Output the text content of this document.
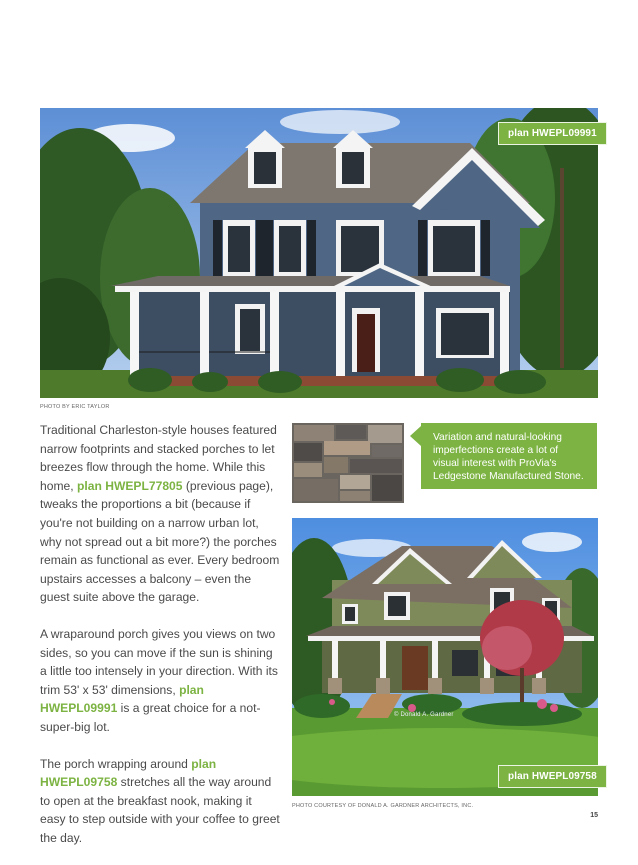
plan HWEPL09991
PHOTO BY ERIC TAYLOR
Variation and natural-looking imperfections create a lot of visual interest with ProVia's Ledgestone Manufactured Stone.
© Donald A. Gardner
plan HWEPL09758
PHOTO COURTESY OF DONALD A. GARDNER ARCHITECTS, INC.

Traditional Charleston-style houses featured narrow footprints and stacked porches to let breezes flow through the home. While this home, plan HWEPL77805 (previous page), tweaks the proportions a bit (because if you're not building on a narrow urban lot, why not spread out a bit more?) the porches remain as functional as ever. Every bedroom upstairs accesses a balcony – even the guest suite above the garage.

A wraparound porch gives you views on two sides, so you can move if the sun is shining a little too intensely in your direction. With its trim 53' x 53' dimensions, plan HWEPL09991 is a great choice for a not-super-big lot.

The porch wrapping around plan HWEPL09758 stretches all the way around to open at the breakfast nook, making it easy to step outside with your coffee to greet the day.

15
